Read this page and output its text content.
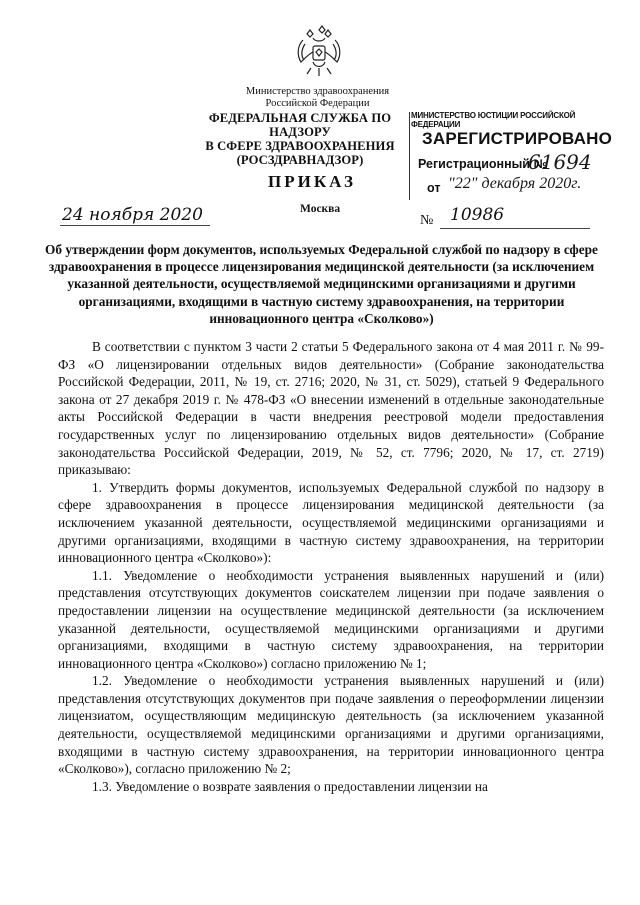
Министерство здравоохранения
Российской Федерации
ФЕДЕРАЛЬНАЯ СЛУЖБА ПО НАДЗОРУ
В СФЕРЕ ЗДРАВООХРАНЕНИЯ
(РОСЗДРАВНАДЗОР)
МИНИСТЕРСТВО ЮСТИЦИИ РОССИЙСКОЙ ФЕДЕРАЦИИ
ЗАРЕГИСТРИРОВАНО
Регистрационный №
61694
от "22" декабря 2020г.
ПРИКАЗ
Москва
24 ноября 2020	№ 10986
Об утверждении форм документов, используемых Федеральной службой по надзору в сфере здравоохранения в процессе лицензирования медицинской деятельности (за исключением указанной деятельности, осуществляемой медицинскими организациями и другими организациями, входящими в частную систему здравоохранения, на территории инновационного центра «Сколково»)

В соответствии с пунктом 3 части 2 статьи 5 Федерального закона от 4 мая 2011 г. № 99-ФЗ «О лицензировании отдельных видов деятельности» (Собрание законодательства Российской Федерации, 2011, № 19, ст. 2716; 2020, № 31, ст. 5029), статьей 9 Федерального закона от 27 декабря 2019 г. № 478-ФЗ «О внесении изменений в отдельные законодательные акты Российской Федерации в части внедрения реестровой модели предоставления государственных услуг по лицензированию отдельных видов деятельности» (Собрание законодательства Российской Федерации, 2019, № 52, ст. 7796; 2020, № 17, ст. 2719) приказываю:

1. Утвердить формы документов, используемых Федеральной службой по надзору в сфере здравоохранения в процессе лицензирования медицинской деятельности (за исключением указанной деятельности, осуществляемой медицинскими организациями и другими организациями, входящими в частную систему здравоохранения, на территории инновационного центра «Сколково»):

1.1. Уведомление о необходимости устранения выявленных нарушений и (или) представления отсутствующих документов соискателем лицензии при подаче заявления о предоставлении лицензии на осуществление медицинской деятельности (за исключением указанной деятельности, осуществляемой медицинскими организациями и другими организациями, входящими в частную систему здравоохранения, на территории инновационного центра «Сколково») согласно приложению № 1;

1.2. Уведомление о необходимости устранения выявленных нарушений и (или) представления отсутствующих документов при подаче заявления о переоформлении лицензии лицензиатом, осуществляющим медицинскую деятельность (за исключением указанной деятельности, осуществляемой медицинскими организациями и другими организациями, входящими в частную систему здравоохранения, на территории инновационного центра «Сколково»), согласно приложению № 2;

1.3. Уведомление о возврате заявления о предоставлении лицензии на
